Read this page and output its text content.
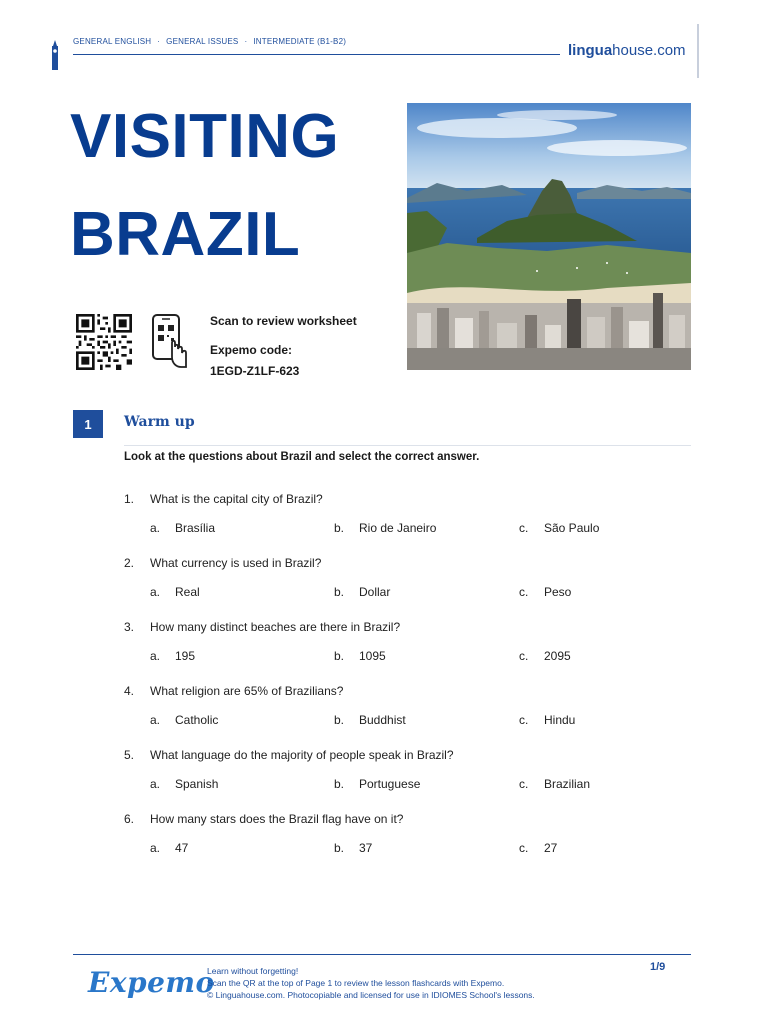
GENERAL ENGLISH · GENERAL ISSUES · INTERMEDIATE (B1-B2)
linguahouse.com
VISITING
BRAZIL
Scan to review worksheet
Expemo code:
1EGD-Z1LF-623
1	Warm up
Look at the questions about Brazil and select the correct answer.
1. What is the capital city of Brazil?
a. Brasília	b. Rio de Janeiro	c. São Paulo
2. What currency is used in Brazil?
a. Real	b. Dollar	c. Peso
3. How many distinct beaches are there in Brazil?
a. 195	b. 1095	c. 2095
4. What religion are 65% of Brazilians?
a. Catholic	b. Buddhist	c. Hindu
5. What language do the majority of people speak in Brazil?
a. Spanish	b. Portuguese	c. Brazilian
6. How many stars does the Brazil flag have on it?
a. 47	b. 37	c. 27
Expemo
Learn without forgetting!
Scan the QR at the top of Page 1 to review the lesson flashcards with Expemo.
© Linguahouse.com. Photocopiable and licensed for use in IDIOMES School's lessons.
1/9
